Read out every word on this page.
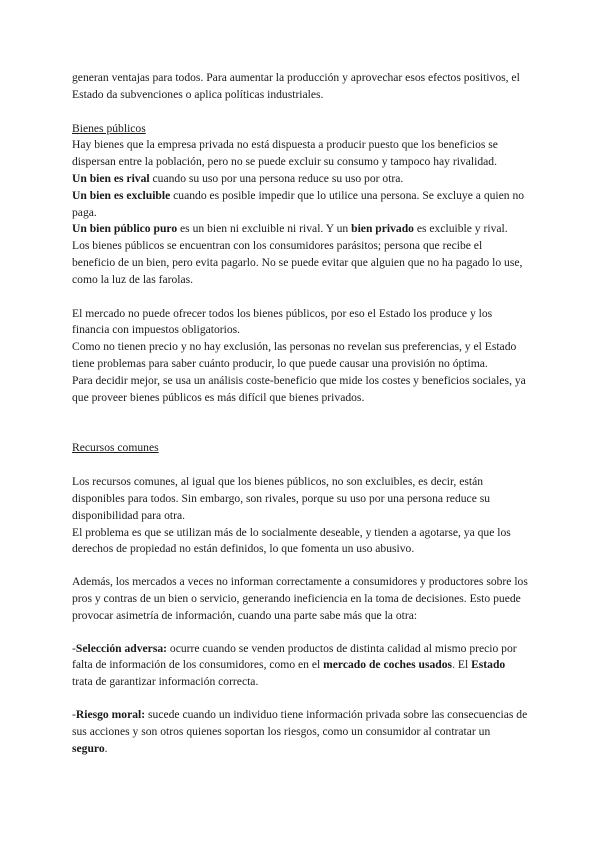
generan ventajas para todos. Para aumentar la producción y aprovechar esos efectos positivos, el Estado da subvenciones o aplica políticas industriales.

Bienes públicos

Hay bienes que la empresa privada no está dispuesta a producir puesto que los beneficios se dispersan entre la población, pero no se puede excluir su consumo y tampoco hay rivalidad.

Un bien es rival cuando su uso por una persona reduce su uso por otra.

Un bien es excluible cuando es posible impedir que lo utilice una persona. Se excluye a quien no paga.

Un bien público puro es un bien ni excluible ni rival. Y un bien privado es excluible y rival.

Los bienes públicos se encuentran con los consumidores parásitos; persona que recibe el beneficio de un bien, pero evita pagarlo. No se puede evitar que alguien que no ha pagado lo use, como la luz de las farolas.

El mercado no puede ofrecer todos los bienes públicos, por eso el Estado los produce y los financia con impuestos obligatorios.

Como no tienen precio y no hay exclusión, las personas no revelan sus preferencias, y el Estado tiene problemas para saber cuánto producir, lo que puede causar una provisión no óptima.

Para decidir mejor, se usa un análisis coste-beneficio que mide los costes y beneficios sociales, ya que proveer bienes públicos es más difícil que bienes privados.

Recursos comunes

Los recursos comunes, al igual que los bienes públicos, no son excluibles, es decir, están disponibles para todos. Sin embargo, son rivales, porque su uso por una persona reduce su disponibilidad para otra.

El problema es que se utilizan más de lo socialmente deseable, y tienden a agotarse, ya que los derechos de propiedad no están definidos, lo que fomenta un uso abusivo.

Además, los mercados a veces no informan correctamente a consumidores y productores sobre los pros y contras de un bien o servicio, generando ineficiencia en la toma de decisiones. Esto puede provocar asimetría de información, cuando una parte sabe más que la otra:

-Selección adversa: ocurre cuando se venden productos de distinta calidad al mismo precio por falta de información de los consumidores, como en el mercado de coches usados. El Estado trata de garantizar información correcta.

-Riesgo moral: sucede cuando un individuo tiene información privada sobre las consecuencias de sus acciones y son otros quienes soportan los riesgos, como un consumidor al contratar un seguro.
